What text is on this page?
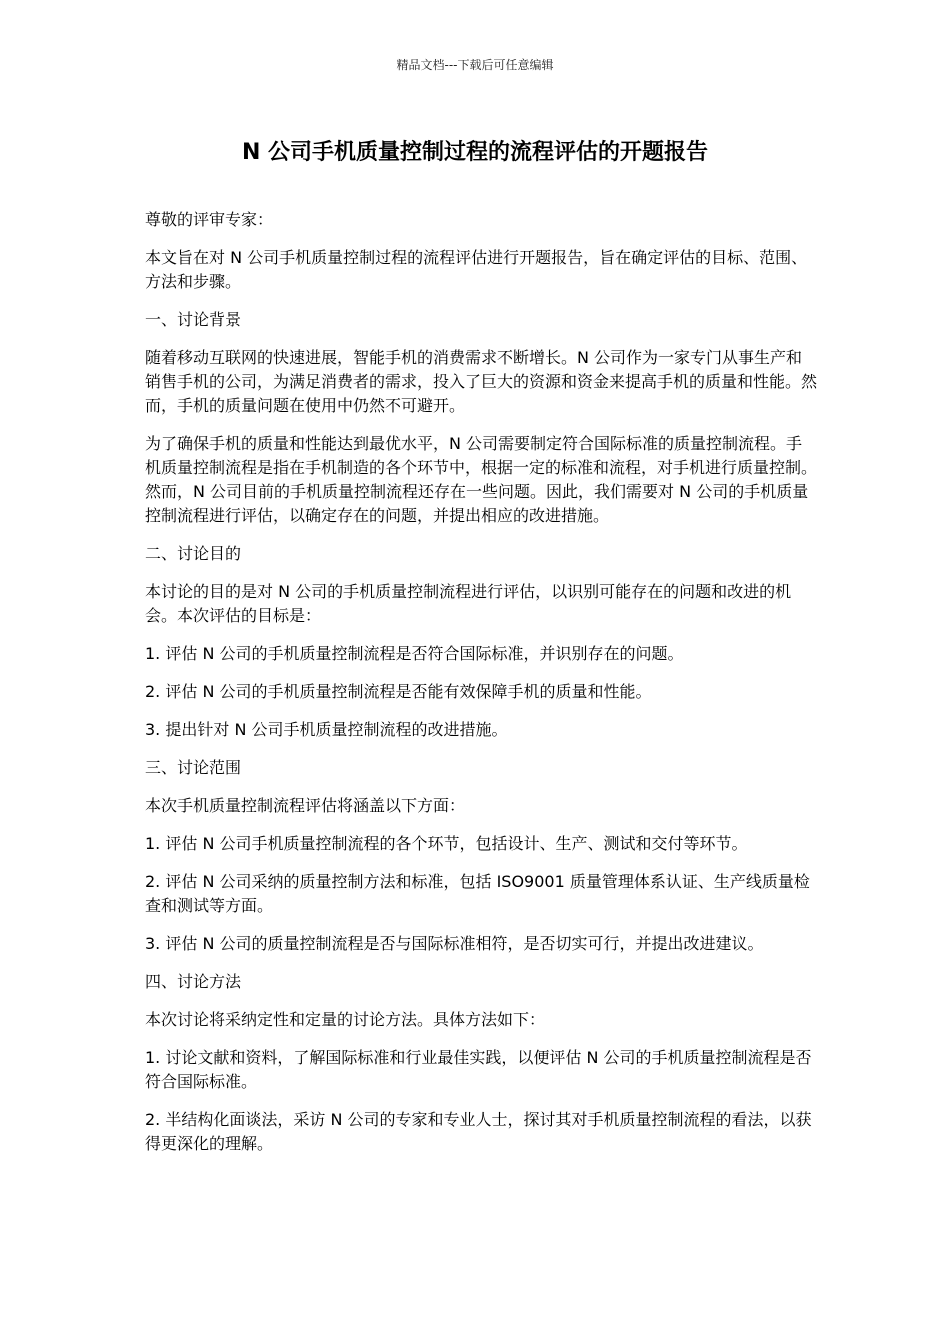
精品文档---下载后可任意编辑
N 公司手机质量控制过程的流程评估的开题报告

尊敬的评审专家：

本文旨在对 N 公司手机质量控制过程的流程评估进行开题报告，旨在确定评估的目标、范围、方法和步骤。

一、讨论背景

随着移动互联网的快速进展，智能手机的消费需求不断增长。N 公司作为一家专门从事生产和销售手机的公司，为满足消费者的需求，投入了巨大的资源和资金来提高手机的质量和性能。然而，手机的质量问题在使用中仍然不可避开。

为了确保手机的质量和性能达到最优水平，N 公司需要制定符合国际标准的质量控制流程。手机质量控制流程是指在手机制造的各个环节中，根据一定的标准和流程，对手机进行质量控制。然而，N 公司目前的手机质量控制流程还存在一些问题。因此，我们需要对 N 公司的手机质量控制流程进行评估，以确定存在的问题，并提出相应的改进措施。

二、讨论目的

本讨论的目的是对 N 公司的手机质量控制流程进行评估，以识别可能存在的问题和改进的机会。本次评估的目标是：

1. 评估 N 公司的手机质量控制流程是否符合国际标准，并识别存在的问题。

2. 评估 N 公司的手机质量控制流程是否能有效保障手机的质量和性能。

3. 提出针对 N 公司手机质量控制流程的改进措施。

三、讨论范围

本次手机质量控制流程评估将涵盖以下方面：

1. 评估 N 公司手机质量控制流程的各个环节，包括设计、生产、测试和交付等环节。

2. 评估 N 公司采纳的质量控制方法和标准，包括 ISO9001 质量管理体系认证、生产线质量检查和测试等方面。

3. 评估 N 公司的质量控制流程是否与国际标准相符，是否切实可行，并提出改进建议。

四、讨论方法

本次讨论将采纳定性和定量的讨论方法。具体方法如下：

1. 讨论文献和资料，了解国际标准和行业最佳实践，以便评估 N 公司的手机质量控制流程是否符合国际标准。

2. 半结构化面谈法，采访 N 公司的专家和专业人士，探讨其对手机质量控制流程的看法，以获得更深化的理解。
